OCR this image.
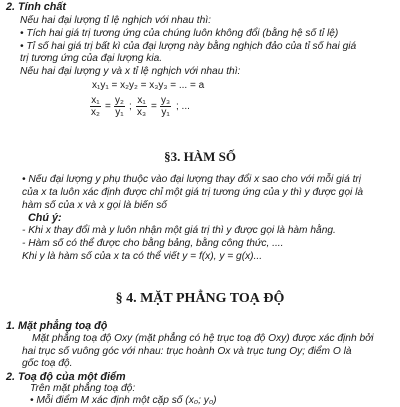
2. Tính chất
Nếu hai đại lượng tỉ lệ nghịch với nhau thì:
• Tích hai giá trị tương ứng của chúng luôn không đổi (bằng hệ số tỉ lệ)
• Tỉ số hai giá trị bất kì của đại lượng này bằng nghịch đảo của tỉ số hai giá
trị tương ứng của đại lượng kia.
Nếu hai đại lượng y và x tỉ lệ nghịch với nhau thì:
x₁y₁ = x₂y₂ = x₃y₃ = ... = a
$\frac{\text{x₁}}{\text{x₂}} = \frac{\text{y₂}}{\text{y₁}}$ ; $\frac{\text{x₁}}{\text{x₃}} = \frac{\text{y₃}}{\text{y₁}}$ ; ...
§3. HÀM SỐ
• Nếu đại lượng y phụ thuộc vào đại lượng thay đổi x sao cho với mỗi giá trị
của x ta luôn xác định được chỉ một giá trị tương ứng của y thì y được gọi là
hàm số của x và x gọi là biến số
Chú ý:
- Khi x thay đổi mà y luôn nhận một giá trị thì y được gọi là hàm hằng.
- Hàm số có thể được cho bằng bảng, bằng công thức, ....
Khi y là hàm số của x ta có thể viết y = f(x), y = g(x)...
§ 4. MẶT PHẲNG TOẠ ĐỘ
1. Mặt phẳng toạ độ
Mặt phẳng toạ độ Oxy (mặt phẳng có hệ trục toạ độ Oxy) được xác định bởi
hai trục số vuông góc với nhau: trục hoành Ox và trục tung Oy; điểm O là
gốc toạ độ.
2. Toạ độ của một điểm
Trên mặt phẳng toạ độ:
• Mỗi điểm M xác định một cặp số (x₀; y₀)
